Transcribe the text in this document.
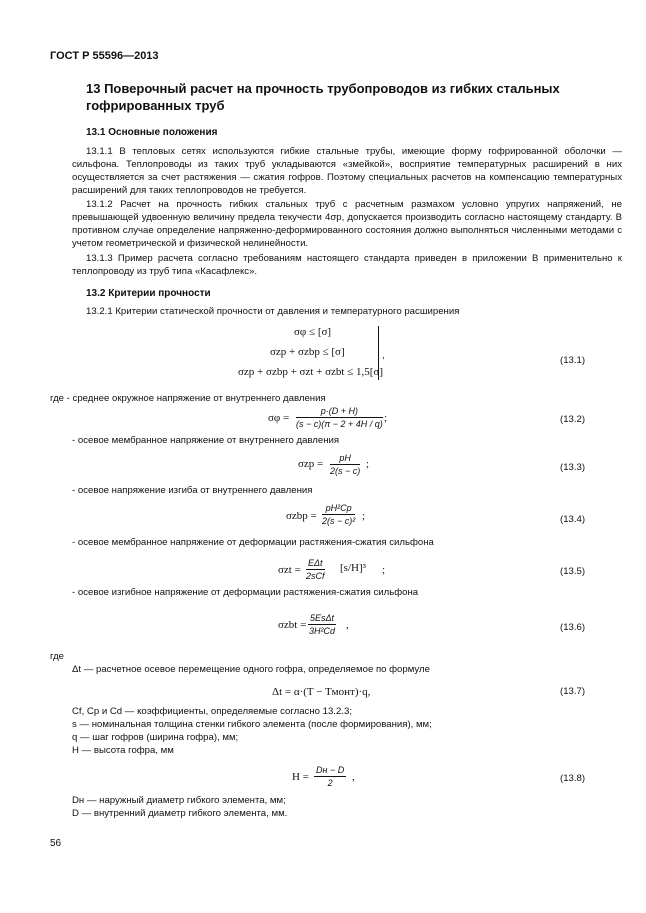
ГОСТ Р 55596—2013
13 Поверочный расчет на прочность трубопроводов из гибких стальных гофрированных труб
13.1 Основные положения
13.1.1 В тепловых сетях используются гибкие стальные трубы, имеющие форму гофрированной оболочки — сильфона. Теплопроводы из таких труб укладываются «змейкой», восприятие температурных расширений в них осуществляется за счет растяжения — сжатия гофров. Поэтому специальных расчетов на компенсацию температурных расширений для таких теплопроводов не требуется.
13.1.2 Расчет на прочность гибких стальных труб с расчетным размахом условно упругих напряжений, не превышающей удвоенную величину предела текучести 4σр, допускается производить согласно настоящему стандарту. В противном случае определение напряженно-деформированного состояния должно выполняться численными методами с учетом геометрической и физической нелинейности.
13.1.3 Пример расчета согласно требованиям настоящего стандарта приведен в приложении В применительно к теплопроводу из труб типа «Касафлекс».
13.2 Критерии прочности
13.2.1 Критерии статической прочности от давления и температурного расширения
σφ ≤ [σ]
σzp + σzbp ≤ [σ]
σzp + σzbp + σzt + σzbt ≤ 1,5[σ]
,	(13.1)
где - среднее окружное напряжение от внутреннего давления
$\sigma\varphi = \frac{p\cdot(D + H)}{(s - c)(\pi - 2 + 4H / q)}$ ;	(13.2)
- осевое мембранное напряжение от внутреннего давления
$\sigma zp = \frac{pH}{2(s - c)}$ ;	(13.3)
- осевое напряжение изгиба от внутреннего давления
$\sigma zbp = \frac{\text{pH²Cp}}{\text{2(s − c)²}}$ ;	(13.4)
- осевое мембранное напряжение от деформации растяжения-сжатия сильфона
σzt =
EΔt
2sCf
[s/H]³ ;	(13.5)
- осевое изгибное напряжение от деформации растяжения-сжатия сильфона
σzbt =
5EsΔt
3H²Cd ,	(13.6)
где
Δt — расчетное осевое перемещение одного гофра, определяемое по формуле
Δt = α·(T − Tмонт)·q,	(13.7)
Cf, Cp и Cd — коэффициенты, определяемые согласно 13.2.3;
s — номинальная толщина стенки гибкого элемента (после формирования), мм;
q — шаг гофров (ширина гофра), мм;
H — высота гофра, мм
H =
Dн − D
2	,	(13.8)
Dн — наружный диаметр гибкого элемента, мм;
D — внутренний диаметр гибкого элемента, мм.
56
